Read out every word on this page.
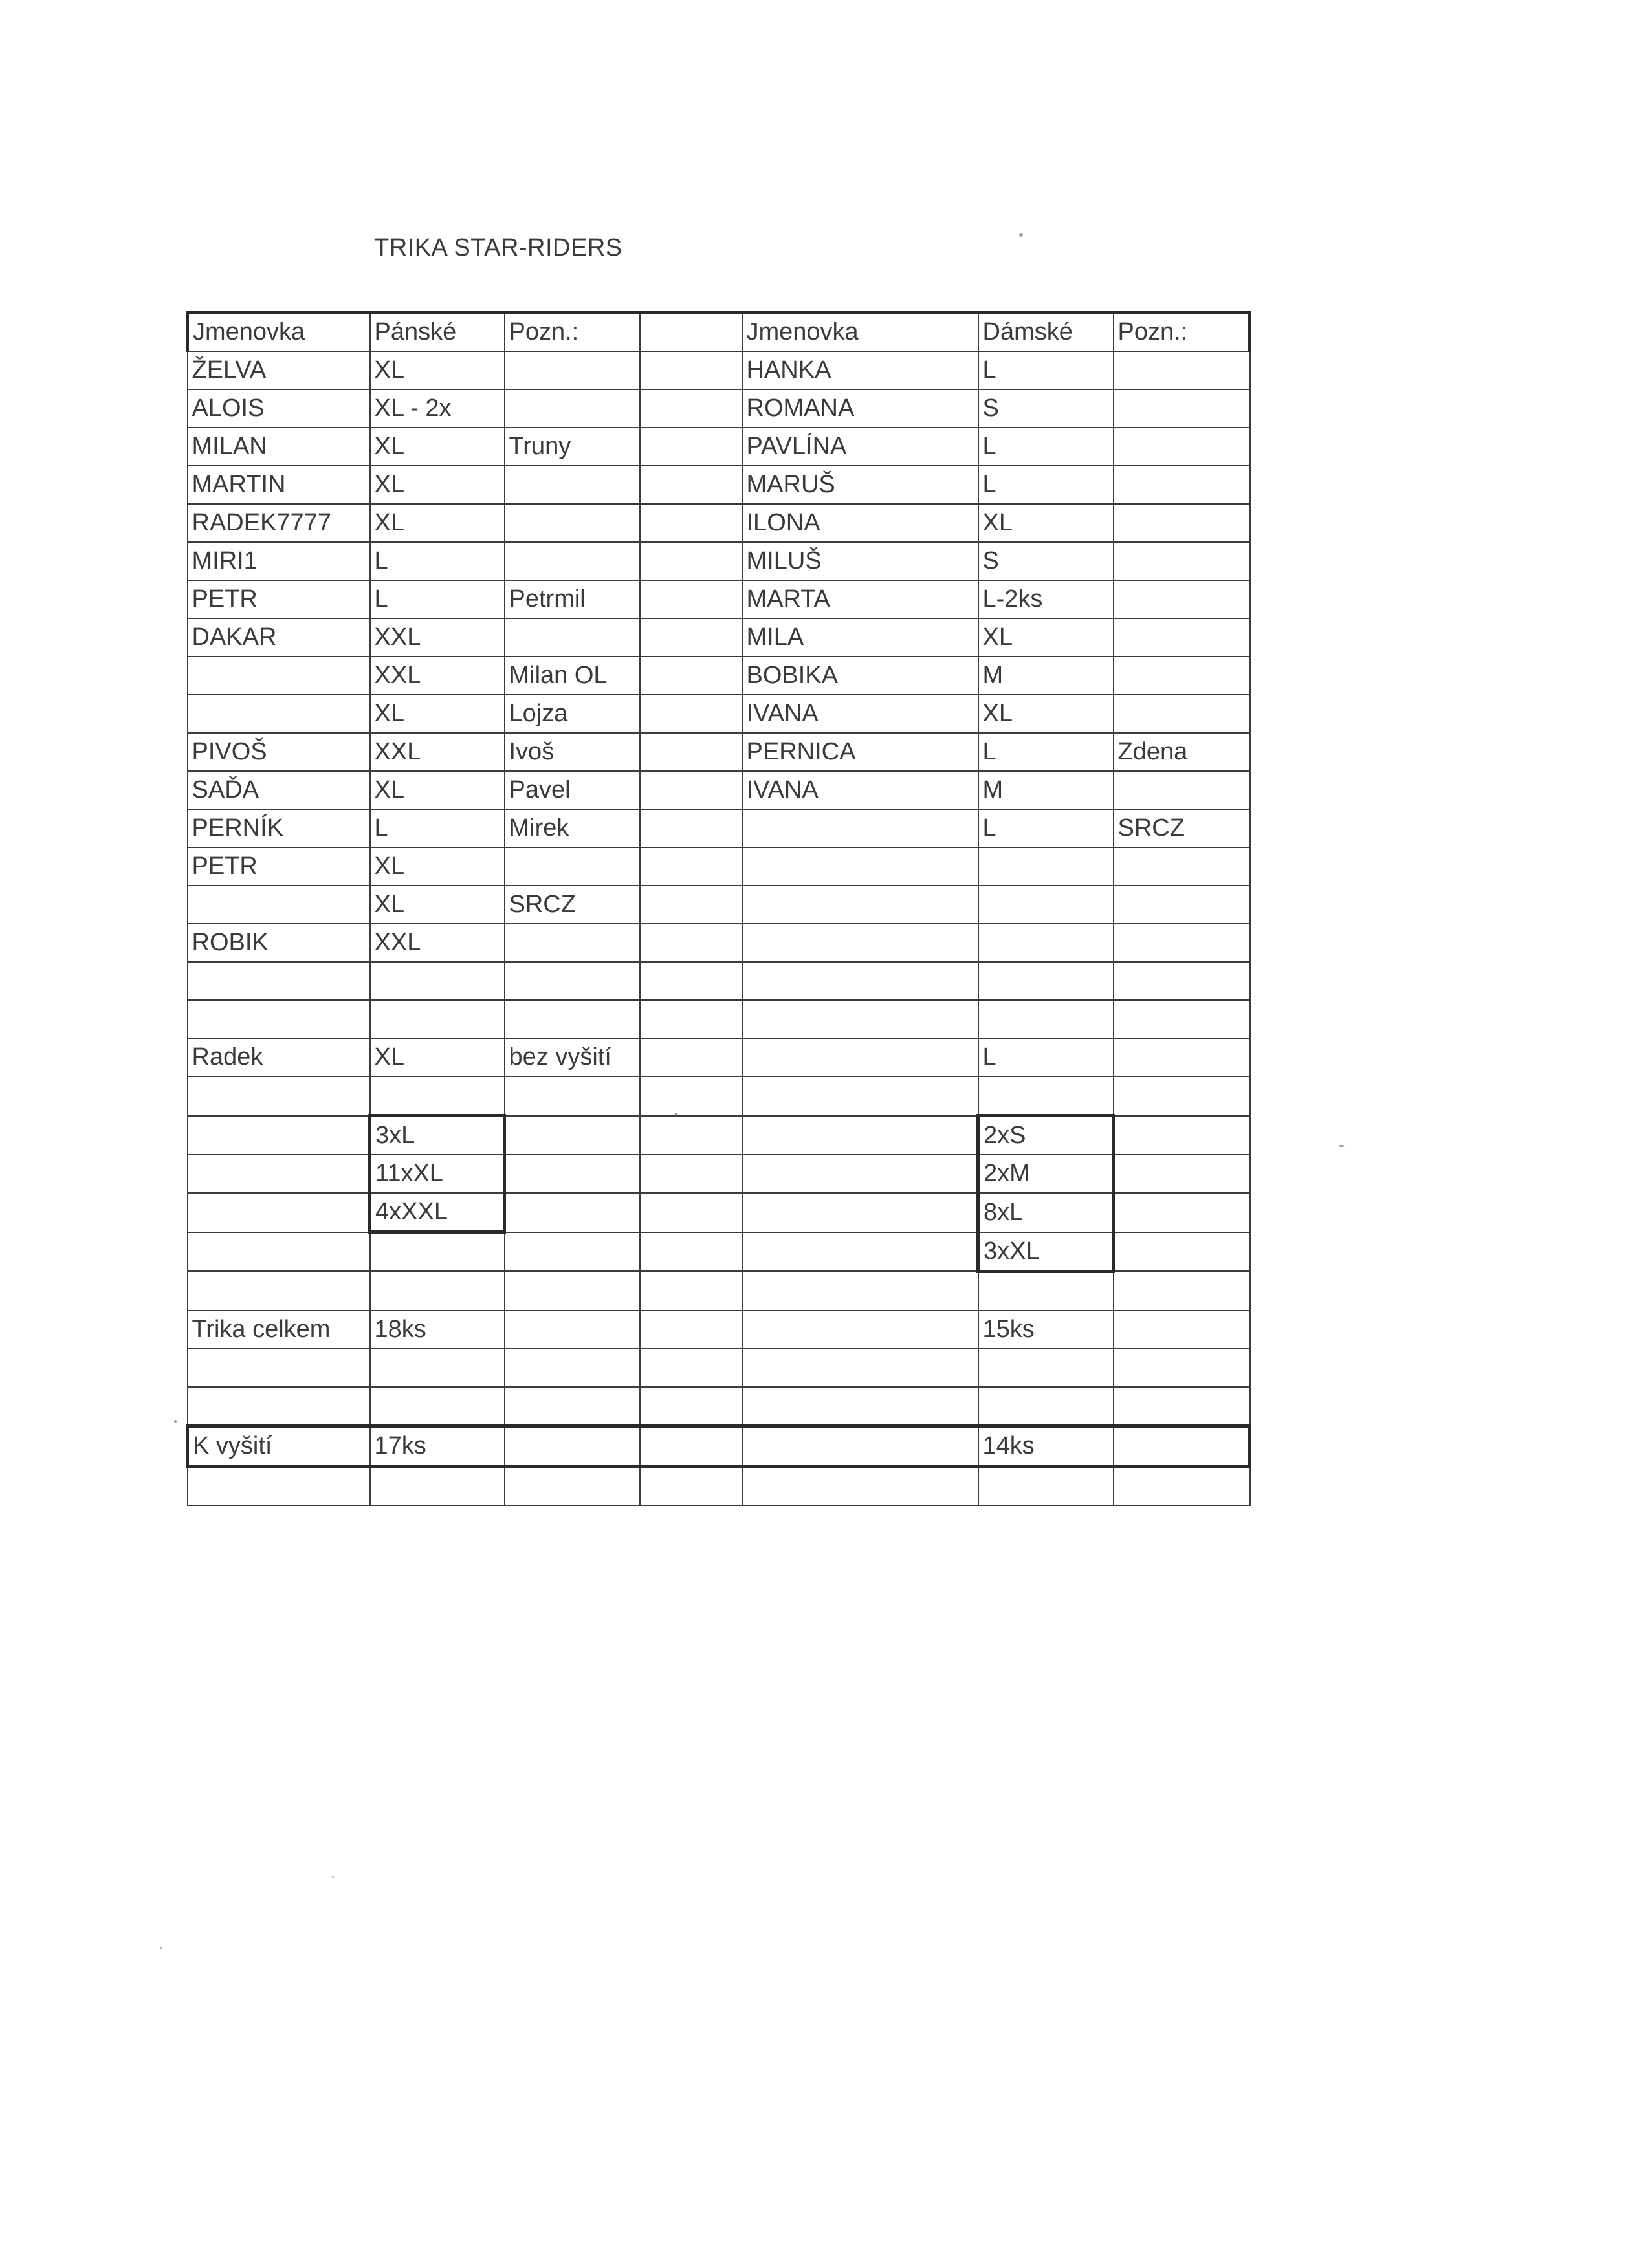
TRIKA STAR-RIDERS
Jmenovka	Pánské	Pozn.:		Jmenovka	Dámské	Pozn.:
ŽELVA	XL			HANKA	L	
ALOIS	XL - 2x			ROMANA	S	
MILAN	XL	Truny		PAVLÍNA	L	
MARTIN	XL			MARUŠ	L	
RADEK7777	XL			ILONA	XL	
MIRI1	L			MILUŠ	S	
PETR	L	Petrmil		MARTA	L-2ks	
DAKAR	XXL			MILA	XL	
	XXL	Milan OL		BOBIKA	M	
	XL	Lojza		IVANA	XL	
PIVOŠ	XXL	Ivoš		PERNICA	L	Zdena
SAĎA	XL	Pavel		IVANA	M	
PERNÍK	L	Mirek			L	SRCZ
PETR	XL					
	XL	SRCZ				
ROBIK	XXL					

Radek	XL	bez vyšití			L	

	3xL				2xS	
	11xXL				2xM	
	4xXXL				8xL	
					3xXL	

Trika celkem	18ks				15ks	

K vyšití	17ks				14ks	
